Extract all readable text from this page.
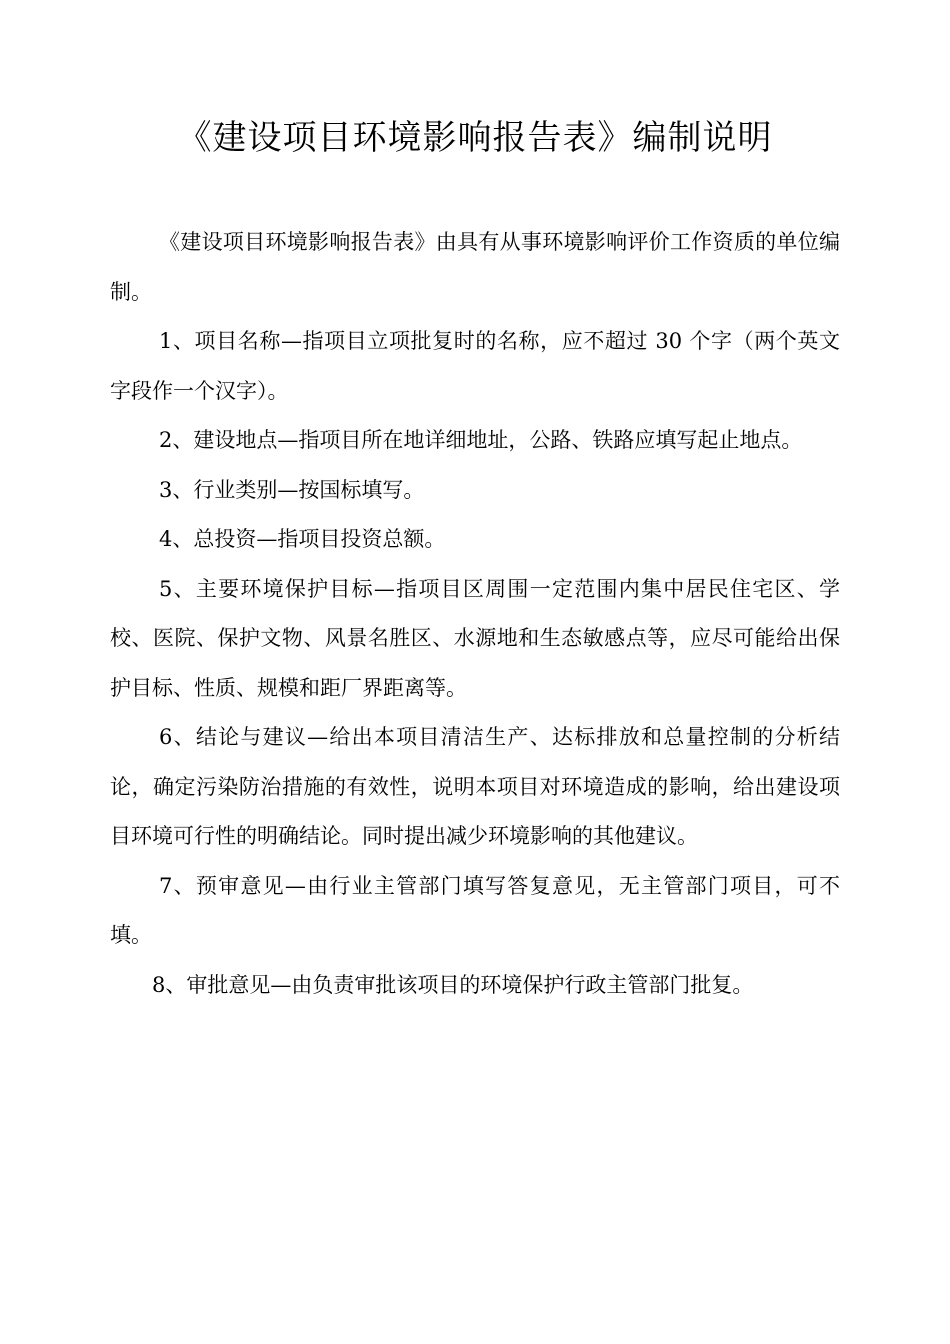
《建设项目环境影响报告表》编制说明

《建设项目环境影响报告表》由具有从事环境影响评价工作资质的单位编制。

1、项目名称—指项目立项批复时的名称，应不超过 30 个字（两个英文字段作一个汉字）。

2、建设地点—指项目所在地详细地址，公路、铁路应填写起止地点。

3、行业类别—按国标填写。

4、总投资—指项目投资总额。

5、主要环境保护目标—指项目区周围一定范围内集中居民住宅区、学校、医院、保护文物、风景名胜区、水源地和生态敏感点等，应尽可能给出保护目标、性质、规模和距厂界距离等。

6、结论与建议—给出本项目清洁生产、达标排放和总量控制的分析结论，确定污染防治措施的有效性，说明本项目对环境造成的影响，给出建设项目环境可行性的明确结论。同时提出减少环境影响的其他建议。

7、预审意见—由行业主管部门填写答复意见，无主管部门项目，可不填。

8、审批意见—由负责审批该项目的环境保护行政主管部门批复。
